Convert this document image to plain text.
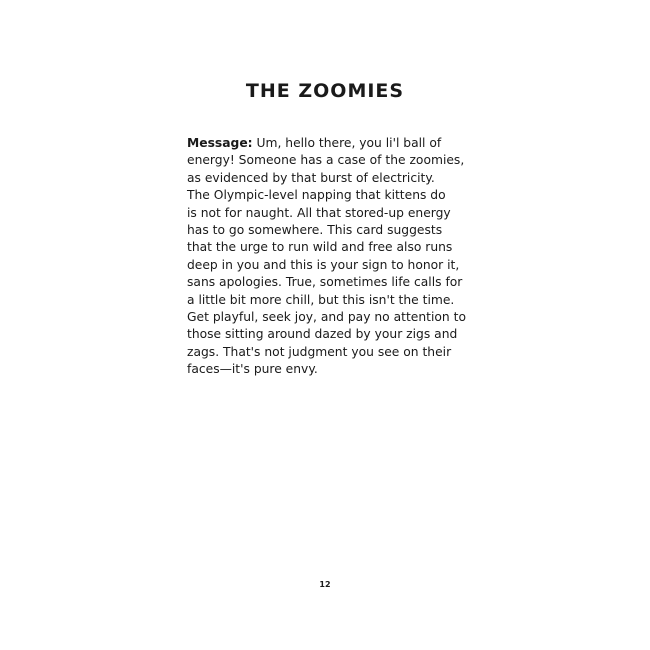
THE ZOOMIES
Message: Um, hello there, you li'l ball of
energy! Someone has a case of the zoomies,
as evidenced by that burst of electricity.
The Olympic-level napping that kittens do
is not for naught. All that stored-up energy
has to go somewhere. This card suggests
that the urge to run wild and free also runs
deep in you and this is your sign to honor it,
sans apologies. True, sometimes life calls for
a little bit more chill, but this isn't the time.
Get playful, seek joy, and pay no attention to
those sitting around dazed by your zigs and
zags. That's not judgment you see on their
faces—it's pure envy.

12
